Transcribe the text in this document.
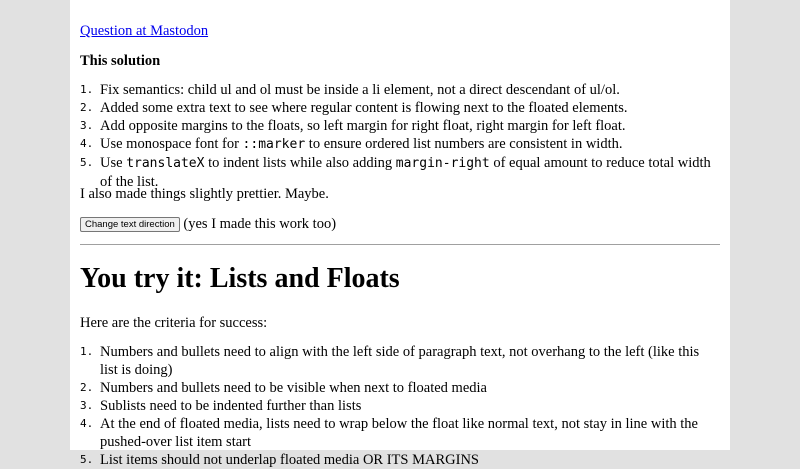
Question at Mastodon

This solution

1. Fix semantics: child ul and ol must be inside a li element, not a direct descendant of ul/ol.
2. Added some extra text to see where regular content is flowing next to the floated elements.
3. Add opposite margins to the floats, so left margin for right float, right margin for left float.
4. Use monospace font for ::marker to ensure ordered list numbers are consistent in width.
5. Use translateX to indent lists while also adding margin-right of equal amount to reduce total width of the list.
I also made things slightly prettier. Maybe.
Change text direction (yes I made this work too)
You try it: Lists and Floats
Here are the criteria for success:
1. Numbers and bullets need to align with the left side of paragraph text, not overhang to the left (like this list is doing)
2. Numbers and bullets need to be visible when next to floated media
3. Sublists need to be indented further than lists
4. At the end of floated media, lists need to wrap below the float like normal text, not stay in line with the pushed-over list item start
5. List items should not underlap floated media OR ITS MARGINS
